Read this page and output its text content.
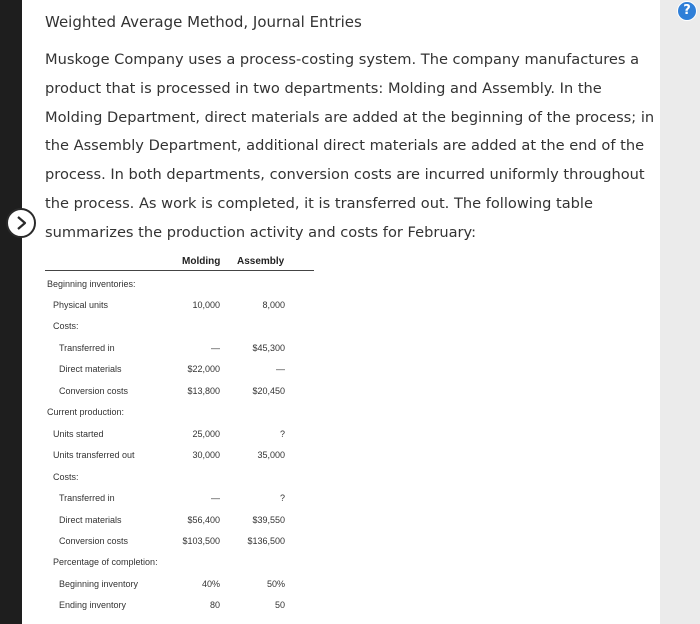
Weighted Average Method, Journal Entries
Muskoge Company uses a process-costing system. The company manufactures a product that is processed in two departments: Molding and Assembly. In the Molding Department, direct materials are added at the beginning of the process; in the Assembly Department, additional direct materials are added at the end of the process. In both departments, conversion costs are incurred uniformly throughout the process. As work is completed, it is transferred out. The following table summarizes the production activity and costs for February:
Molding Assembly
Beginning inventories:
Physical units	10,000	8,000
Costs:
Transferred in	—	$45,300
Direct materials	$22,000	—
Conversion costs	$13,800	$20,450
Current production:
Units started	25,000	?
Units transferred out	30,000	35,000
Costs:
Transferred in	—	?
Direct materials	$56,400	$39,550
Conversion costs	$103,500	$136,500
Percentage of completion:
Beginning inventory	40%	50%
Ending inventory	80	50
?
